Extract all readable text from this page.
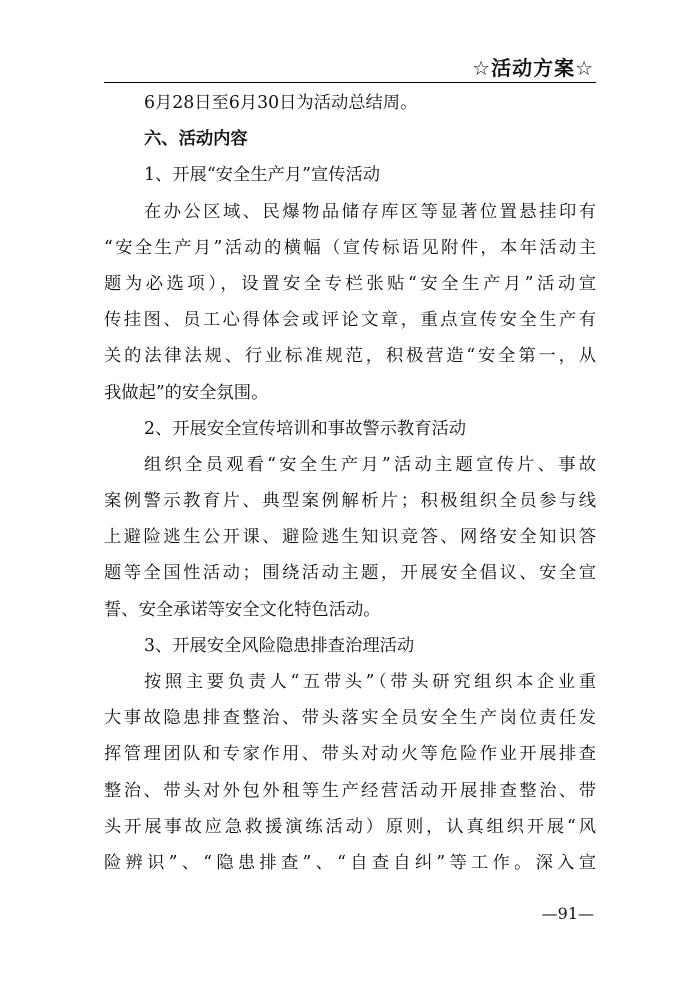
☆活动方案☆
6月28日至6月30日为活动总结周。
六、活动内容
1、开展“安全生产月”宣传活动
在办公区域、民爆物品储存库区等显著位置悬挂印有
“安全生产月”活动的横幅（宣传标语见附件，本年活动主
题为必选项），设置安全专栏张贴“安全生产月”活动宣
传挂图、员工心得体会或评论文章，重点宣传安全生产有
关的法律法规、行业标准规范，积极营造“安全第一，从
我做起”的安全氛围。
2、开展安全宣传培训和事故警示教育活动
组织全员观看“安全生产月”活动主题宣传片、事故
案例警示教育片、典型案例解析片；积极组织全员参与线
上避险逃生公开课、避险逃生知识竞答、网络安全知识答
题等全国性活动；围绕活动主题，开展安全倡议、安全宣
誓、安全承诺等安全文化特色活动。
3、开展安全风险隐患排查治理活动
按照主要负责人“五带头”（带头研究组织本企业重
大事故隐患排查整治、带头落实全员安全生产岗位责任发
挥管理团队和专家作用、带头对动火等危险作业开展排查
整治、带头对外包外租等生产经营活动开展排查整治、带
头开展事故应急救援演练活动）原则，认真组织开展“风
险辨识”、“隐患排查”、“自查自纠”等工作。深入宣
—91—
